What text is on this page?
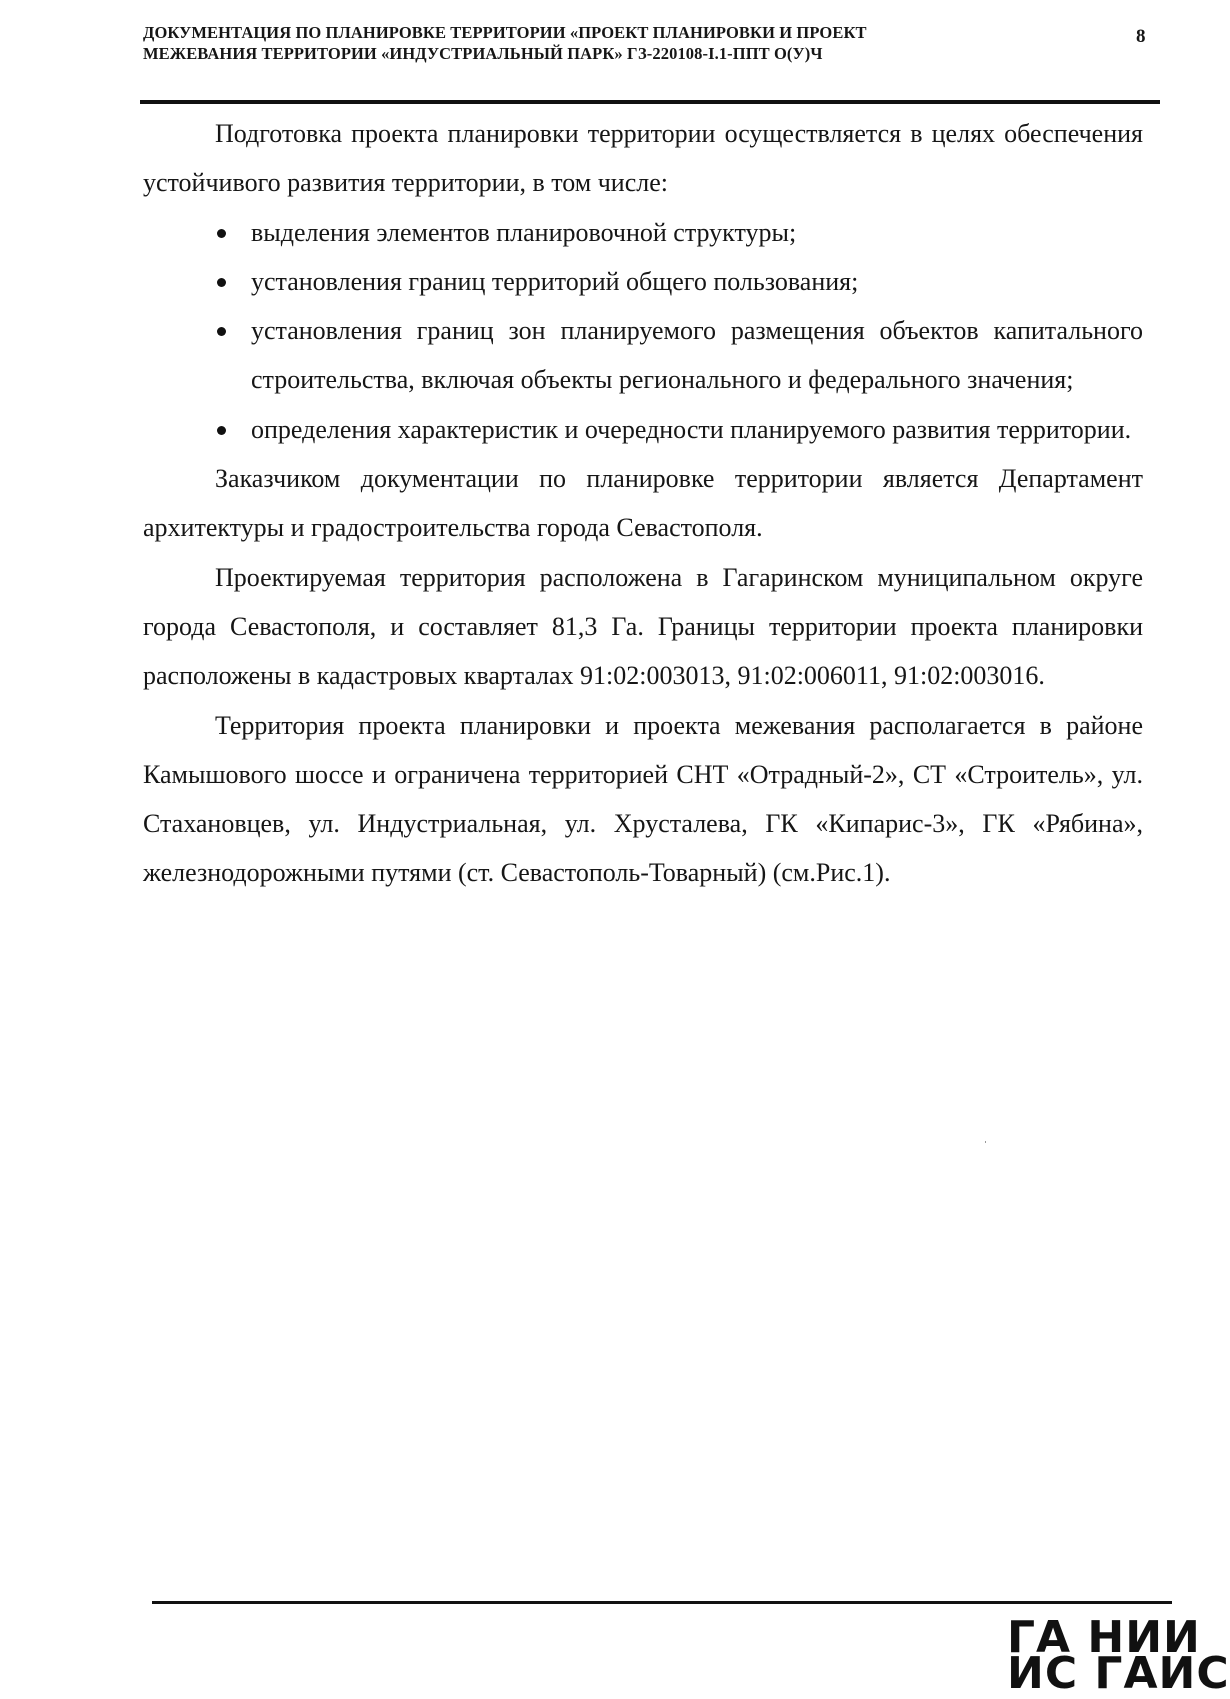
ДОКУМЕНТАЦИЯ ПО ПЛАНИРОВКЕ ТЕРРИТОРИИ «ПРОЕКТ ПЛАНИРОВКИ И ПРОЕКТ
МЕЖЕВАНИЯ ТЕРРИТОРИИ «ИНДУСТРИАЛЬНЫЙ ПАРК» ГЗ-220108-I.1-ППТ О(У)Ч
8

Подготовка проекта планировки территории осуществляется в целях обеспечения устойчивого развития территории, в том числе:

выделения элементов планировочной структуры;
установления границ территорий общего пользования;
установления границ зон планируемого размещения объектов капитального строительства, включая объекты регионального и федерального значения;
определения характеристик и очередности планируемого развития территории.

Заказчиком документации по планировке территории является Департамент архитектуры и градостроительства города Севастополя.

Проектируемая территория расположена в Гагаринском муниципальном округе города Севастополя, и составляет 81,3 Га. Границы территории проекта планировки расположены в кадастровых кварталах 91:02:003013, 91:02:006011, 91:02:003016.

Территория проекта планировки и проекта межевания располагается в районе Камышового шоссе и ограничена территорией СНТ «Отрадный-2», СТ «Строитель», ул. Стахановцев, ул. Индустриальная, ул. Хрусталева, ГК «Кипарис-3», ГК «Рябина», железнодорожными путями (ст. Севастополь-Товарный) (см.Рис.1).

ГА НИИ
ИС ГАИС
